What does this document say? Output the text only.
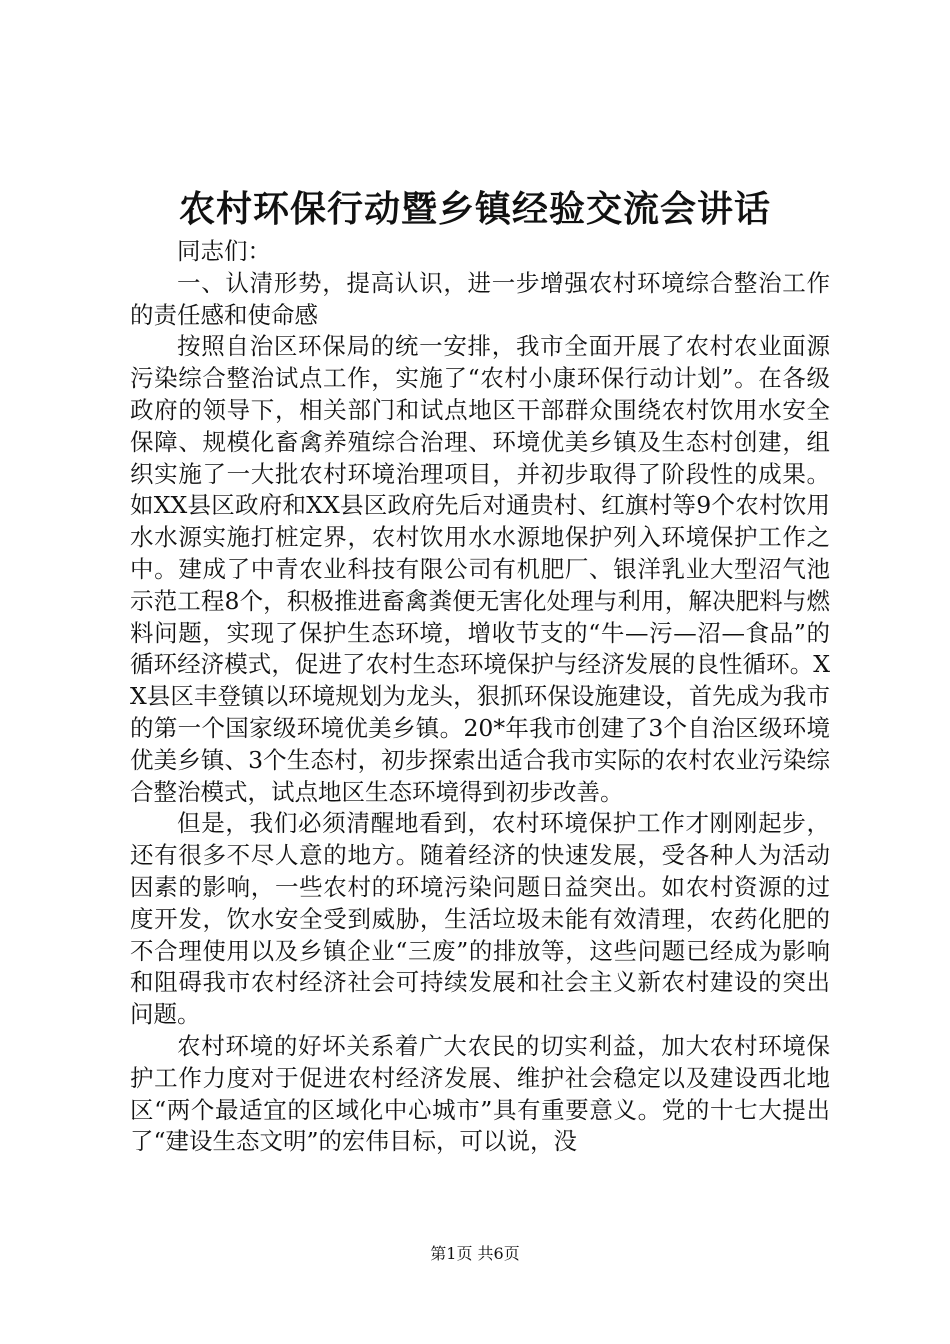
农村环保行动暨乡镇经验交流会讲话

同志们：

一、认清形势，提高认识，进一步增强农村环境综合整治工作的责任感和使命感

按照自治区环保局的统一安排，我市全面开展了农村农业面源污染综合整治试点工作，实施了“农村小康环保行动计划”。在各级政府的领导下，相关部门和试点地区干部群众围绕农村饮用水安全保障、规模化畜禽养殖综合治理、环境优美乡镇及生态村创建，组织实施了一大批农村环境治理项目，并初步取得了阶段性的成果。如XX县区政府和XX县区政府先后对通贵村、红旗村等9个农村饮用水水源实施打桩定界，农村饮用水水源地保护列入环境保护工作之中。建成了中青农业科技有限公司有机肥厂、银洋乳业大型沼气池示范工程8个，积极推进畜禽粪便无害化处理与利用，解决肥料与燃料问题，实现了保护生态环境，增收节支的“牛—污—沼—食品”的循环经济模式，促进了农村生态环境保护与经济发展的良性循环。XX县区丰登镇以环境规划为龙头，狠抓环保设施建设，首先成为我市的第一个国家级环境优美乡镇。20*年我市创建了3个自治区级环境优美乡镇、3个生态村，初步探索出适合我市实际的农村农业污染综合整治模式，试点地区生态环境得到初步改善。

但是，我们必须清醒地看到，农村环境保护工作才刚刚起步，还有很多不尽人意的地方。随着经济的快速发展，受各种人为活动因素的影响，一些农村的环境污染问题日益突出。如农村资源的过度开发，饮水安全受到威胁，生活垃圾未能有效清理，农药化肥的不合理使用以及乡镇企业“三废”的排放等，这些问题已经成为影响和阻碍我市农村经济社会可持续发展和社会主义新农村建设的突出问题。

农村环境的好坏关系着广大农民的切实利益，加大农村环境保护工作力度对于促进农村经济发展、维护社会稳定以及建设西北地区“两个最适宜的区域化中心城市”具有重要意义。党的十七大提出了“建设生态文明”的宏伟目标，可以说，没

第1页 共6页
